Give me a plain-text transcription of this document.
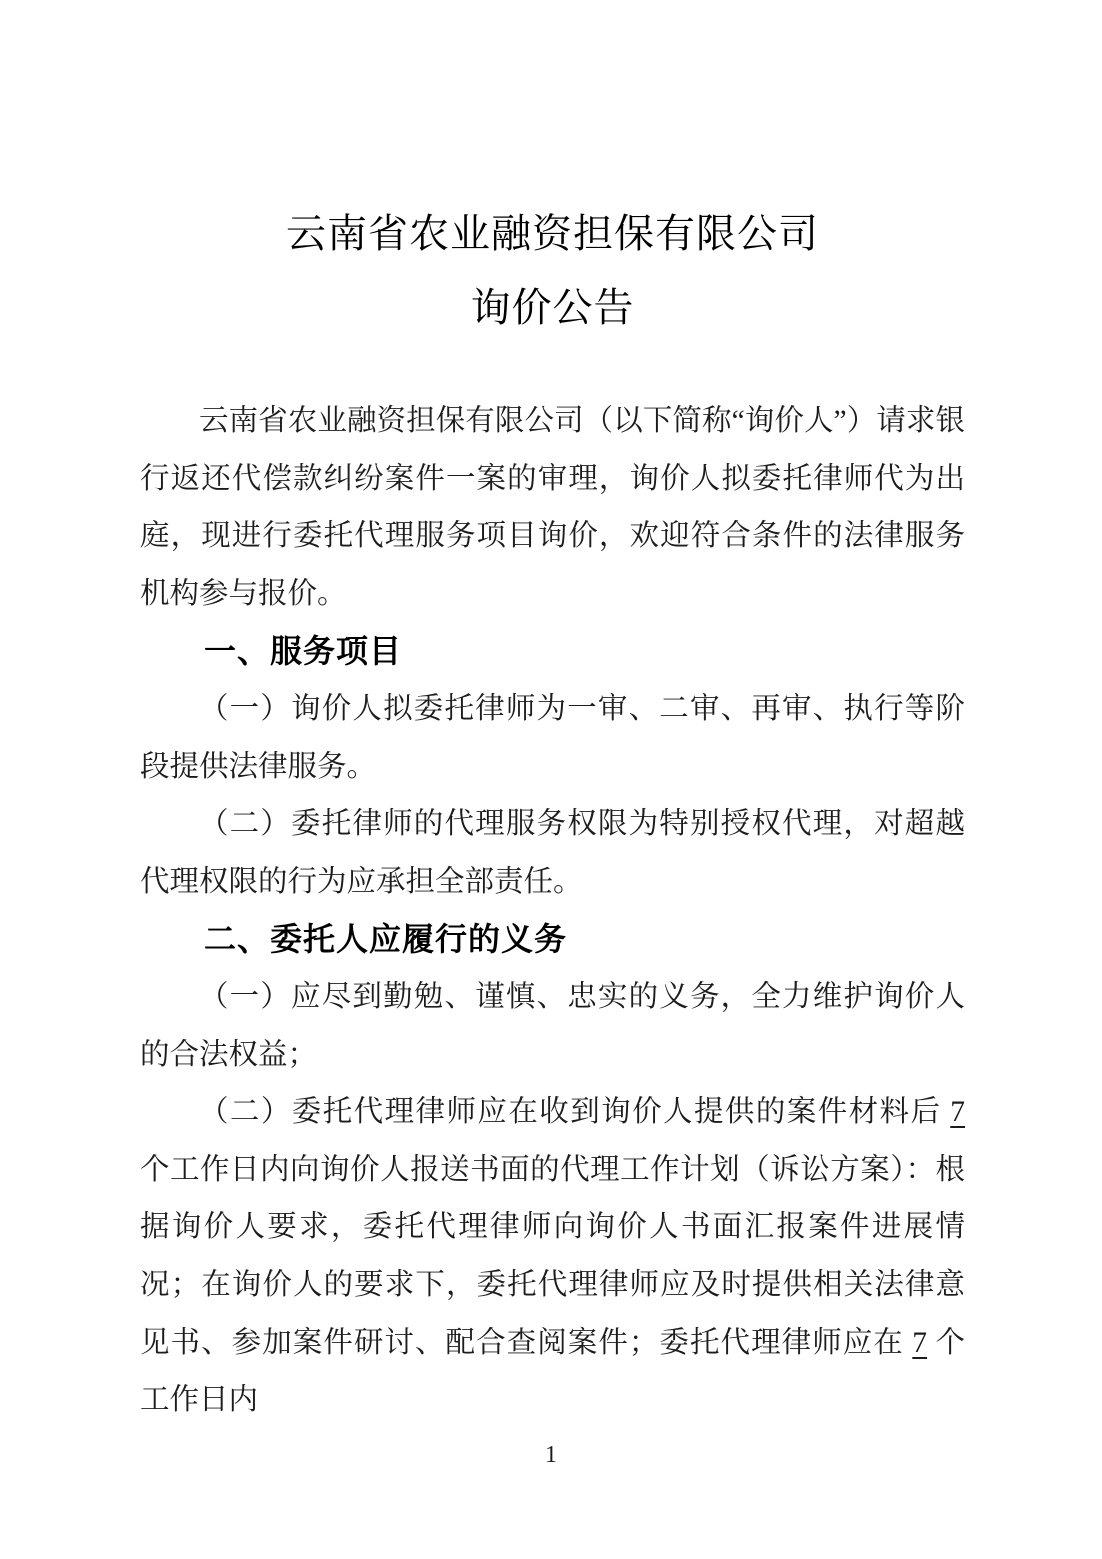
云南省农业融资担保有限公司
询价公告

云南省农业融资担保有限公司（以下简称“询价人”）请求银行返还代偿款纠纷案件一案的审理，询价人拟委托律师代为出庭，现进行委托代理服务项目询价，欢迎符合条件的法律服务机构参与报价。

一、服务项目

（一）询价人拟委托律师为一审、二审、再审、执行等阶段提供法律服务。

（二）委托律师的代理服务权限为特别授权代理，对超越代理权限的行为应承担全部责任。

二、委托人应履行的义务

（一）应尽到勤勉、谨慎、忠实的义务，全力维护询价人的合法权益；

（二）委托代理律师应在收到询价人提供的案件材料后 7 个工作日内向询价人报送书面的代理工作计划（诉讼方案）：根据询价人要求，委托代理律师向询价人书面汇报案件进展情况；在询价人的要求下，委托代理律师应及时提供相关法律意见书、参加案件研讨、配合查阅案件；委托代理律师应在 7 个工作日内

1
